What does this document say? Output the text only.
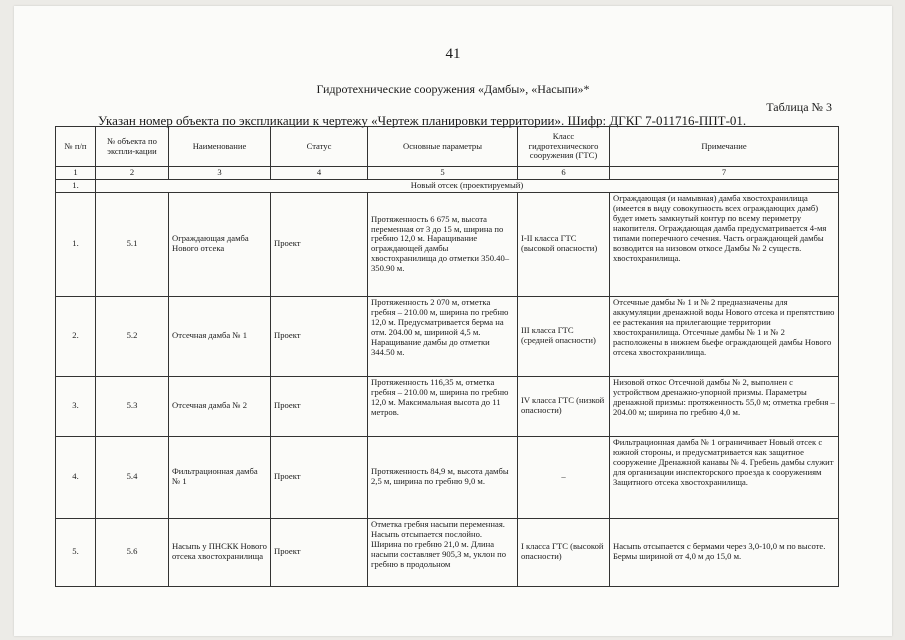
41
Гидротехнические сооружения «Дамбы», «Насыпи»*
Таблица № 3
Указан номер объекта по экспликации к чертежу «Чертеж планировки территории». Шифр: ДГКГ 7-011716-ППТ-01.
№ п/п	№ объекта по экспли-кации	Наименование	Статус	Основные параметры	Класс гидротехнического сооружения (ГТС)	Примечание
1	2	3	4	5	6	7
1.	Новый отсек (проектируемый)					
1.	5.1	Ограждающая дамба Нового отсека	Проект	Протяженность 6 675 м, высота переменная от 3 до 15 м, ширина по гребню 12,0 м. Наращивание ограждающей дамбы хвостохранилища до отметки 350.40–350.90 м.	I-II класса ГТС (высокой опасности)	Ограждающая (и намывная) дамба хвостохранилища (имеется в виду совокупность всех ограждающих дамб) будет иметь замкнутый контур по всему периметру накопителя. Ограждающая дамба предусматривается 4-мя типами поперечного сечения. Часть ограждающей дамбы возводится на низовом откосе Дамбы № 2 существ. хвостохранилища.
2.	5.2	Отсечная дамба № 1	Проект	Протяженность 2 070 м, отметка гребня – 210.00 м, ширина по гребню 12,0 м. Предусматривается берма на отм. 204.00 м, шириной 4,5 м. Наращивание дамбы до отметки 344.50 м.	III класса ГТС (средней опасности)	Отсечные дамбы № 1 и № 2 предназначены для аккумуляции дренажной воды Нового отсека и препятствию ее растекания на прилегающие территории хвостохранилища. Отсечные дамбы № 1 и № 2 расположены в нижнем бьефе ограждающей дамбы Нового отсека хвостохранилища.
3.	5.3	Отсечная дамба № 2	Проект	Протяженность 116,35 м, отметка гребня – 210.00 м, ширина по гребню 12,0 м. Максимальная высота до 11 метров.	IV класса ГТС (низкой опасности)	Низовой откос Отсечной дамбы № 2, выполнен с устройством дренажно-упорной призмы. Параметры дренажной призмы: протяженность 55,0 м; отметка гребня – 204.00 м; ширина по гребню 4,0 м.
4.	5.4	Фильтрационная дамба № 1	Проект	Протяженность 84,9 м, высота дамбы 2,5 м, ширина по гребню 9,0 м.	–	Фильтрационная дамба № 1 ограничивает Новый отсек с южной стороны, и предусматривается как защитное сооружение Дренажной канавы № 4. Гребень дамбы служит для организации инспекторского проезда к сооружениям Защитного отсека хвостохранилища.
5.	5.6	Насыпь у ПНСКК Нового отсека хвостохранилища	Проект	Отметка гребня насыпи переменная. Насыпь отсыпается послойно. Ширина по гребню 21,0 м. Длина насыпи составляет 905,3 м, уклон по гребню в продольном	I класса ГТС (высокой опасности)	Насыпь отсыпается с бермами через 3,0-10,0 м по высоте. Бермы шириной от 4,0 м до 15,0 м.
